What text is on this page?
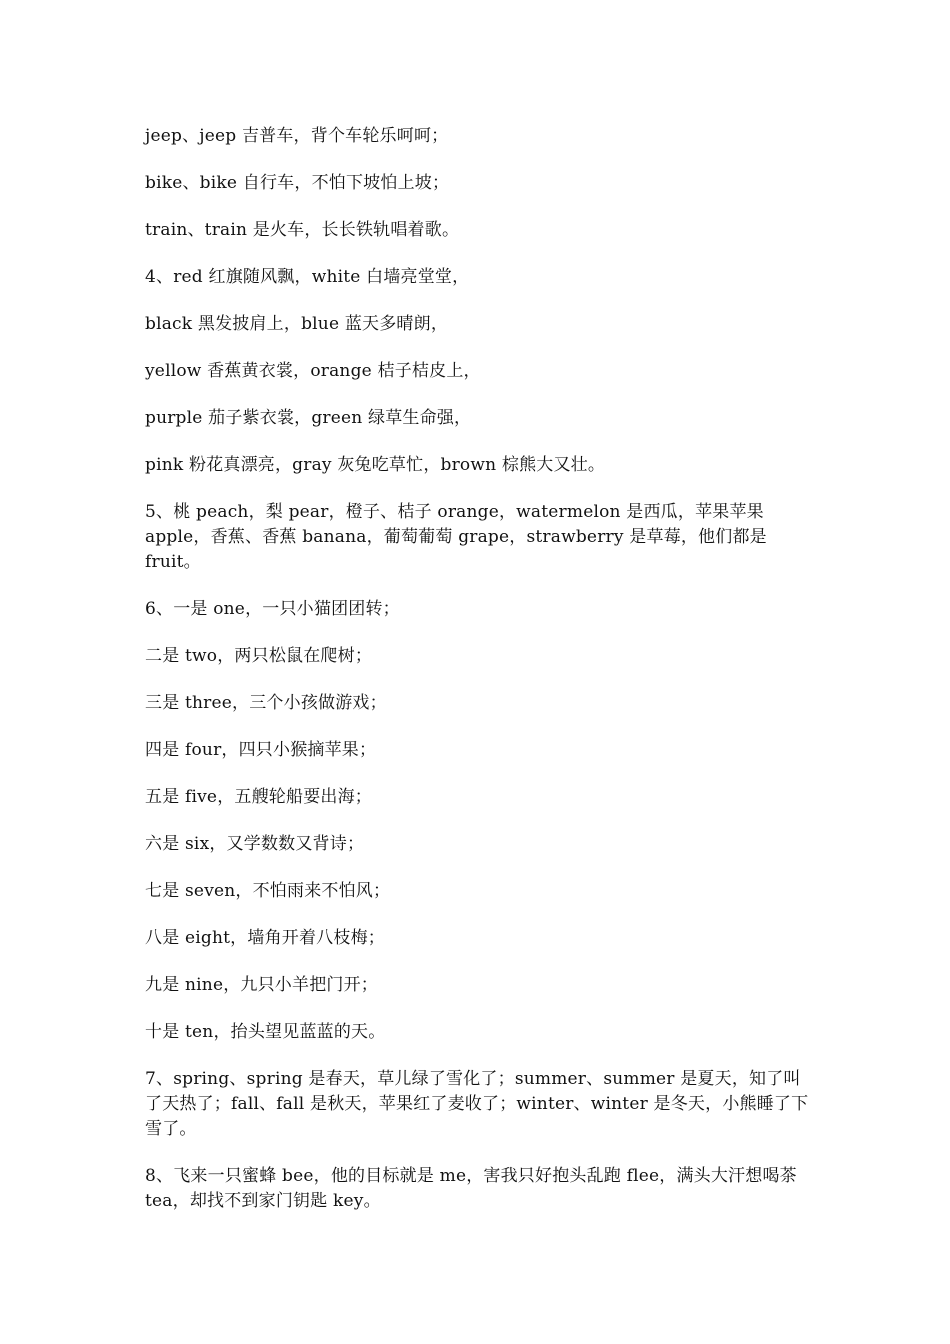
jeep、jeep 吉普车，背个车轮乐呵呵；

bike、bike 自行车，不怕下坡怕上坡；

train、train 是火车，长长铁轨唱着歌。

4、red 红旗随风飘，white 白墙亮堂堂，

black 黑发披肩上，blue 蓝天多晴朗，

yellow 香蕉黄衣裳，orange 桔子桔皮上，

purple 茄子紫衣裳，green 绿草生命强，

pink 粉花真漂亮，gray 灰兔吃草忙，brown 棕熊大又壮。

5、桃 peach，梨 pear，橙子、桔子 orange，watermelon 是西瓜，苹果苹果 apple，香蕉、香蕉 banana，葡萄葡萄 grape，strawberry 是草莓，他们都是 fruit。

6、一是 one，一只小猫团团转；

二是 two，两只松鼠在爬树；

三是 three，三个小孩做游戏；

四是 four，四只小猴摘苹果；

五是 five，五艘轮船要出海；

六是 six，又学数数又背诗；

七是 seven，不怕雨来不怕风；

八是 eight，墙角开着八枝梅；

九是 nine，九只小羊把门开；

十是 ten，抬头望见蓝蓝的天。

7、spring、spring 是春天，草儿绿了雪化了；summer、summer 是夏天，知了叫了天热了；fall、fall 是秋天，苹果红了麦收了；winter、winter 是冬天，小熊睡了下雪了。

8、飞来一只蜜蜂 bee，他的目标就是 me，害我只好抱头乱跑 flee，满头大汗想喝茶 tea，却找不到家门钥匙 key。
